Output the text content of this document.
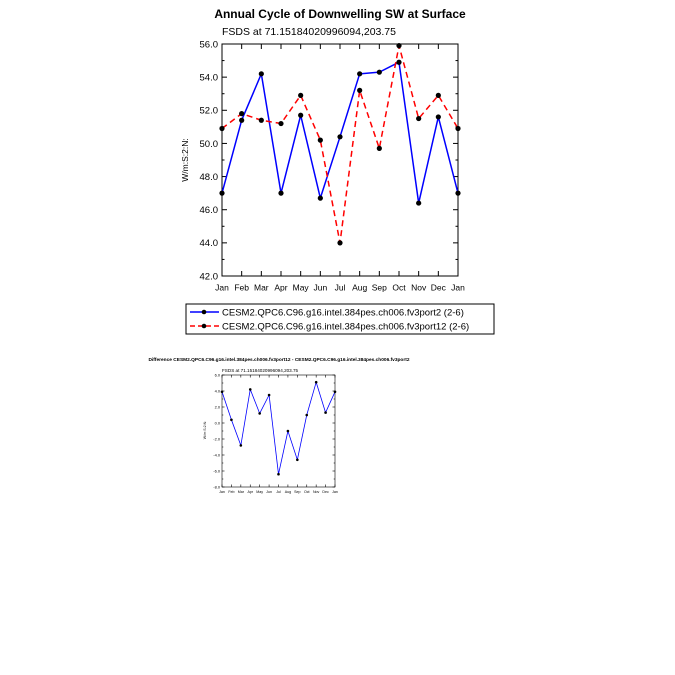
Annual Cycle of Downwelling SW at Surface
FSDS at 71.15184020996094,203.75
W/m:S:2:N:
42.0
44.0
46.0
48.0
50.0
52.0
54.0
56.0
Jan Feb Mar Apr May Jun Jul Aug Sep Oct Nov Dec Jan
CESM2.QPC6.C96.g16.intel.384pes.ch006.fv3port2 (2-6)
CESM2.QPC6.C96.g16.intel.384pes.ch006.fv3port12 (2-6)
Difference CESM2.QPC6.C96.g16.intel.384pes.ch006.fv3port12 - CESM2.QPC6.C96.g16.intel.384pes.ch006.fv3port2
FSDS at 71.15184020996094,203.75
W/m:S:2:N:
-8.0
-6.0
-4.0
-2.0
0.0
2.0
4.0
6.0
Jan Feb Mar Apr May Jun Jul Aug Sep Oct Nov Dec Jan
